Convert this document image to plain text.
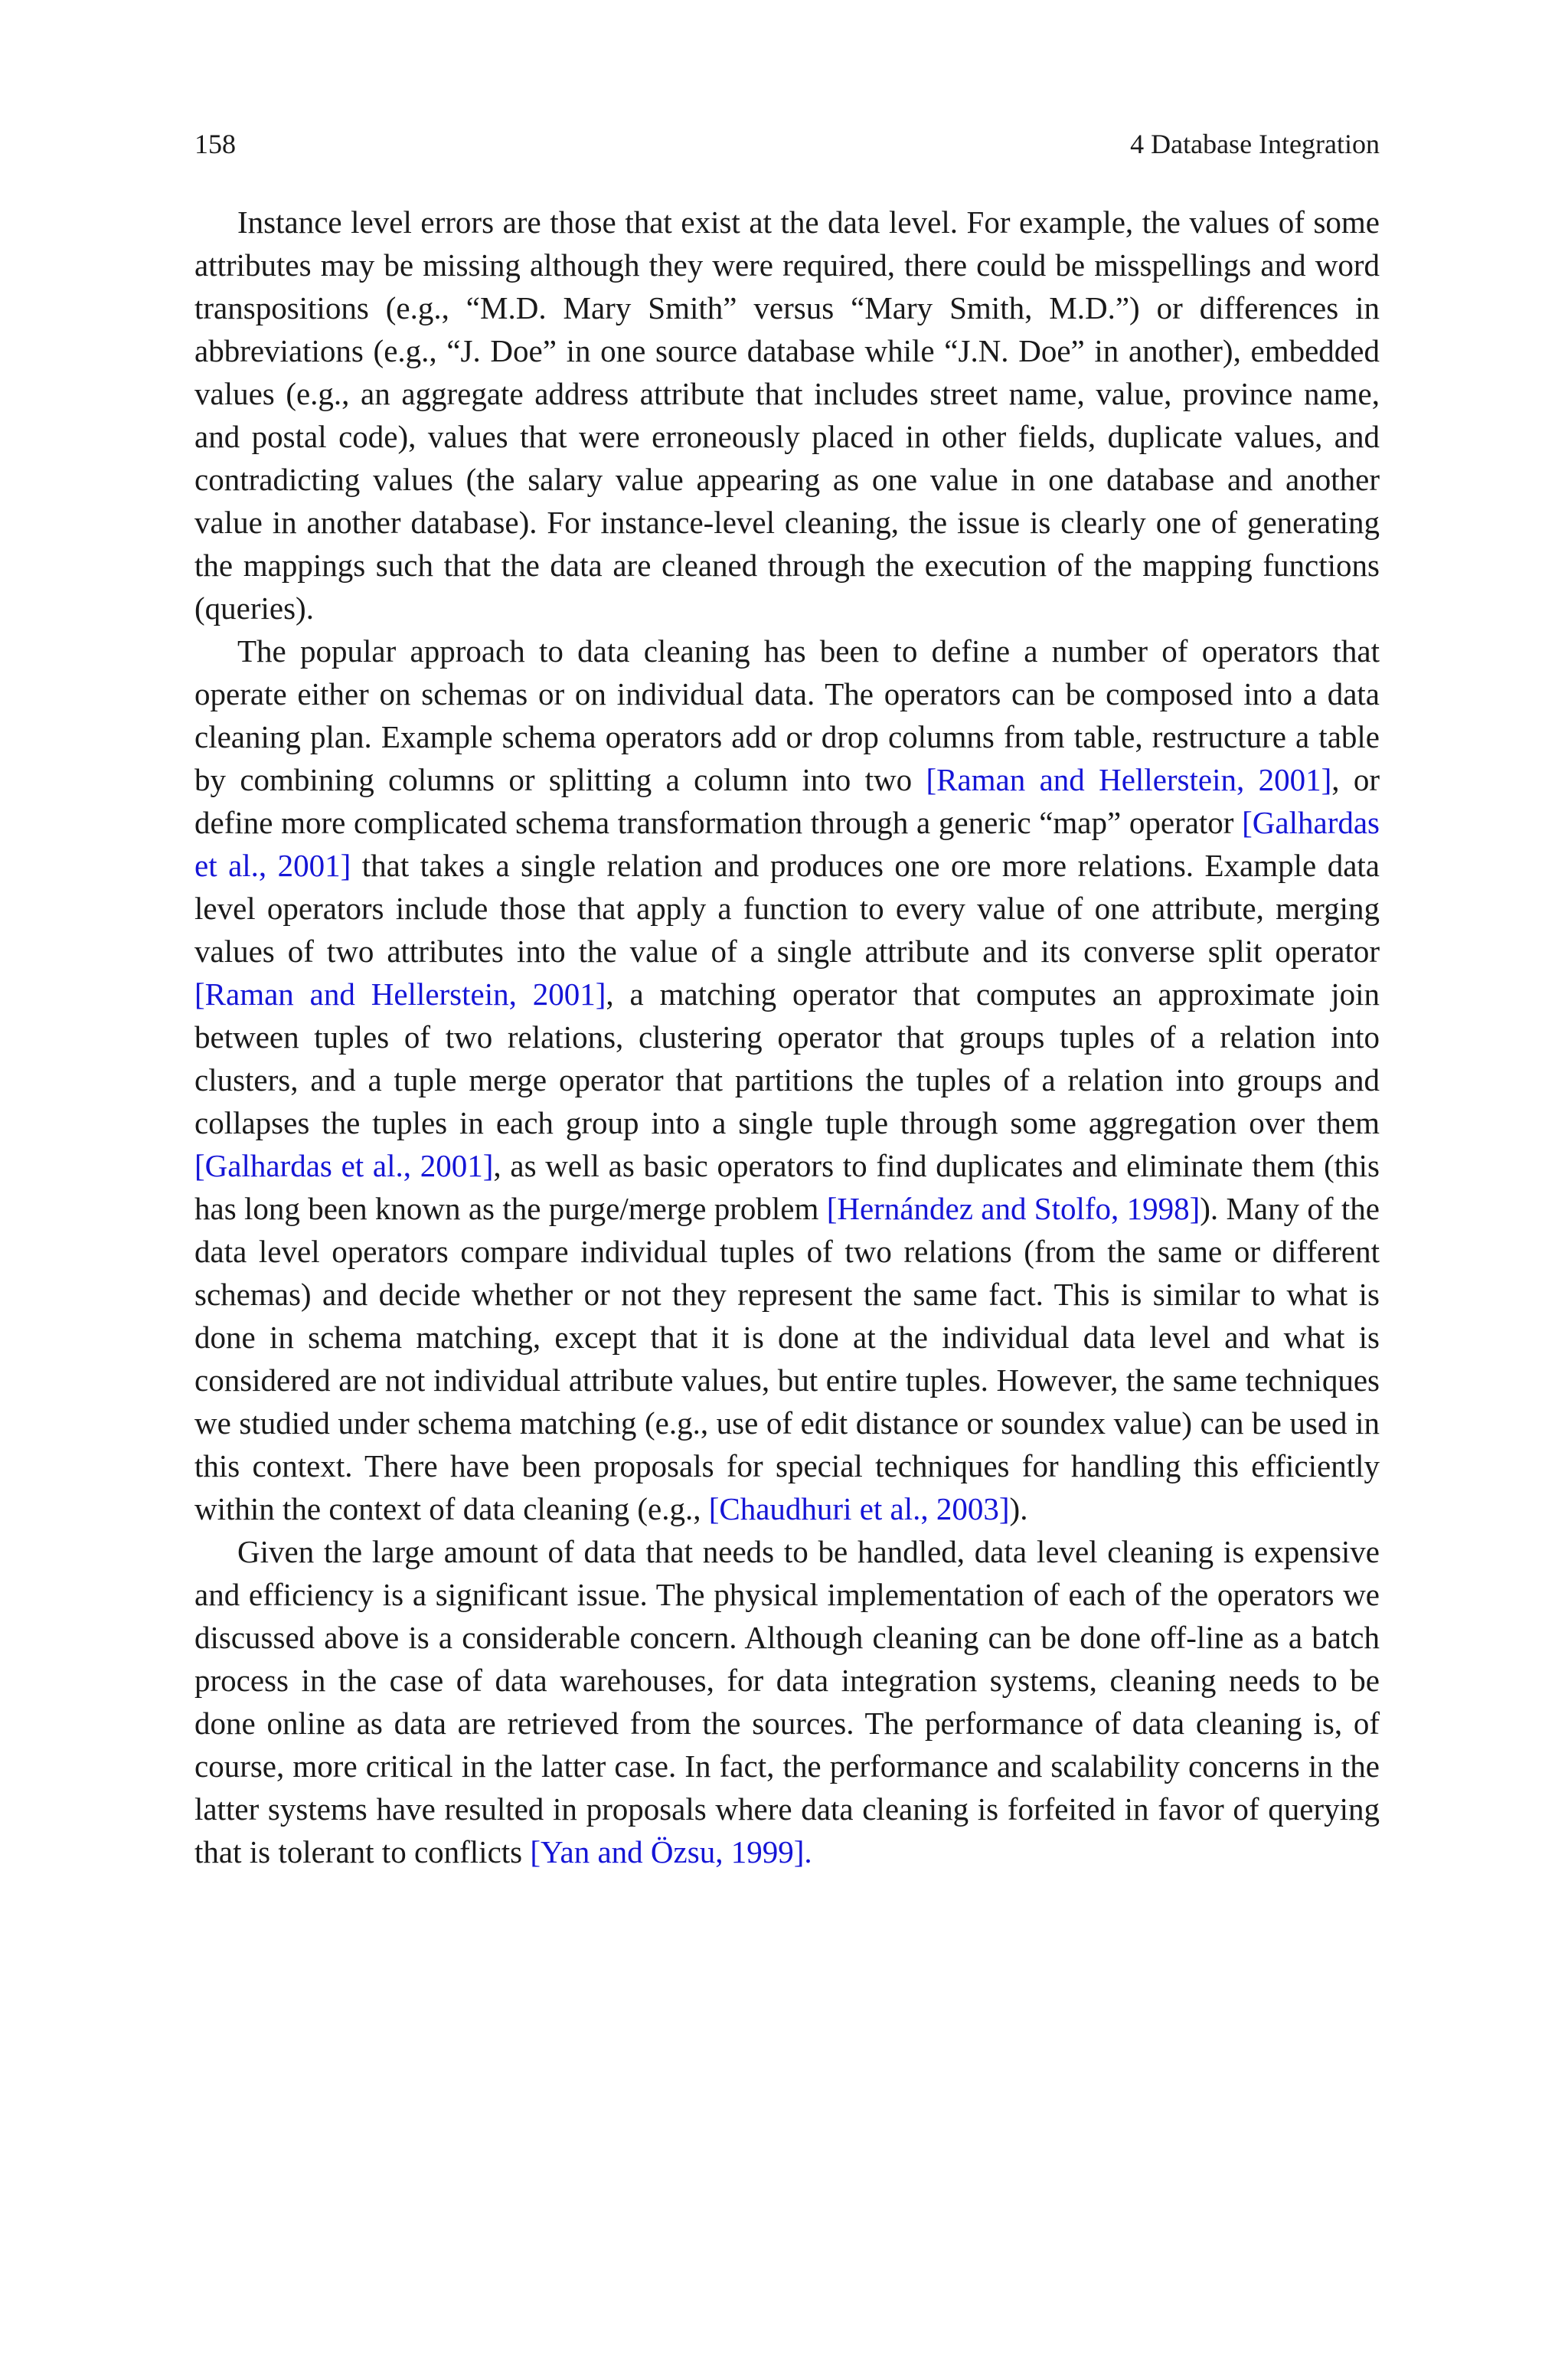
158	4 Database Integration

Instance level errors are those that exist at the data level. For example, the values of some attributes may be missing although they were required, there could be misspellings and word transpositions (e.g., “M.D. Mary Smith” versus “Mary Smith, M.D.”) or differences in abbreviations (e.g., “J. Doe” in one source database while “J.N. Doe” in another), embedded values (e.g., an aggregate address attribute that includes street name, value, province name, and postal code), values that were erroneously placed in other fields, duplicate values, and contradicting values (the salary value appearing as one value in one database and another value in another database). For instance-level cleaning, the issue is clearly one of generating the mappings such that the data are cleaned through the execution of the mapping functions (queries).

The popular approach to data cleaning has been to define a number of operators that operate either on schemas or on individual data. The operators can be composed into a data cleaning plan. Example schema operators add or drop columns from table, restructure a table by combining columns or splitting a column into two [Raman and Hellerstein, 2001], or define more complicated schema transformation through a generic “map” operator [Galhardas et al., 2001] that takes a single relation and produces one ore more relations. Example data level operators include those that apply a function to every value of one attribute, merging values of two attributes into the value of a single attribute and its converse split operator [Raman and Hellerstein, 2001], a matching operator that computes an approximate join between tuples of two relations, clustering operator that groups tuples of a relation into clusters, and a tuple merge operator that partitions the tuples of a relation into groups and collapses the tuples in each group into a single tuple through some aggregation over them [Galhardas et al., 2001], as well as basic operators to find duplicates and eliminate them (this has long been known as the purge/merge problem [Hernández and Stolfo, 1998]). Many of the data level operators compare individual tuples of two relations (from the same or different schemas) and decide whether or not they represent the same fact. This is similar to what is done in schema matching, except that it is done at the individual data level and what is considered are not individual attribute values, but entire tuples. However, the same techniques we studied under schema matching (e.g., use of edit distance or soundex value) can be used in this context. There have been proposals for special techniques for handling this efficiently within the context of data cleaning (e.g., [Chaudhuri et al., 2003]).

Given the large amount of data that needs to be handled, data level cleaning is expensive and efficiency is a significant issue. The physical implementation of each of the operators we discussed above is a considerable concern. Although cleaning can be done off-line as a batch process in the case of data warehouses, for data integration systems, cleaning needs to be done online as data are retrieved from the sources. The performance of data cleaning is, of course, more critical in the latter case. In fact, the performance and scalability concerns in the latter systems have resulted in proposals where data cleaning is forfeited in favor of querying that is tolerant to conflicts [Yan and Özsu, 1999].
